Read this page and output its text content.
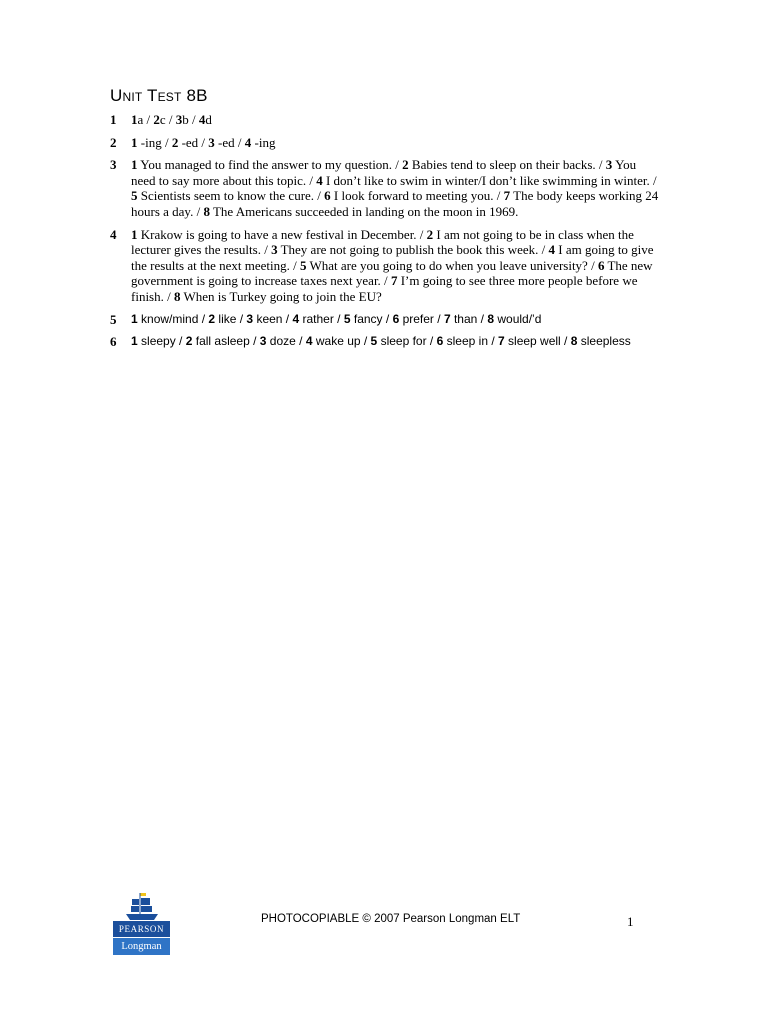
Unit Test 8B
1	1a / 2c / 3b / 4d
2	1 -ing / 2 -ed / 3 -ed / 4 -ing
3	1 You managed to find the answer to my question. / 2 Babies tend to sleep on their backs. / 3 You need to say more about this topic. / 4 I don’t like to swim in winter/I don’t like swimming in winter. / 5 Scientists seem to know the cure. / 6 I look forward to meeting you. / 7 The body keeps working 24 hours a day. / 8 The Americans succeeded in landing on the moon in 1969.
4	1 Krakow is going to have a new festival in December. / 2 I am not going to be in class when the lecturer gives the results. / 3 They are not going to publish the book this week. / 4 I am going to give the results at the next meeting. / 5 What are you going to do when you leave university? / 6 The new government is going to increase taxes next year. / 7 I’m going to see three more people before we finish. / 8 When is Turkey going to join the EU?
5	1 know/mind / 2 like / 3 keen / 4 rather / 5 fancy / 6 prefer / 7 than / 8 would/’d
6	1 sleepy / 2 fall asleep / 3 doze / 4 wake up / 5 sleep for / 6 sleep in / 7 sleep well / 8 sleepless
PEARSON
Longman
PHOTOCOPIABLE © 2007 Pearson Longman ELT	1
